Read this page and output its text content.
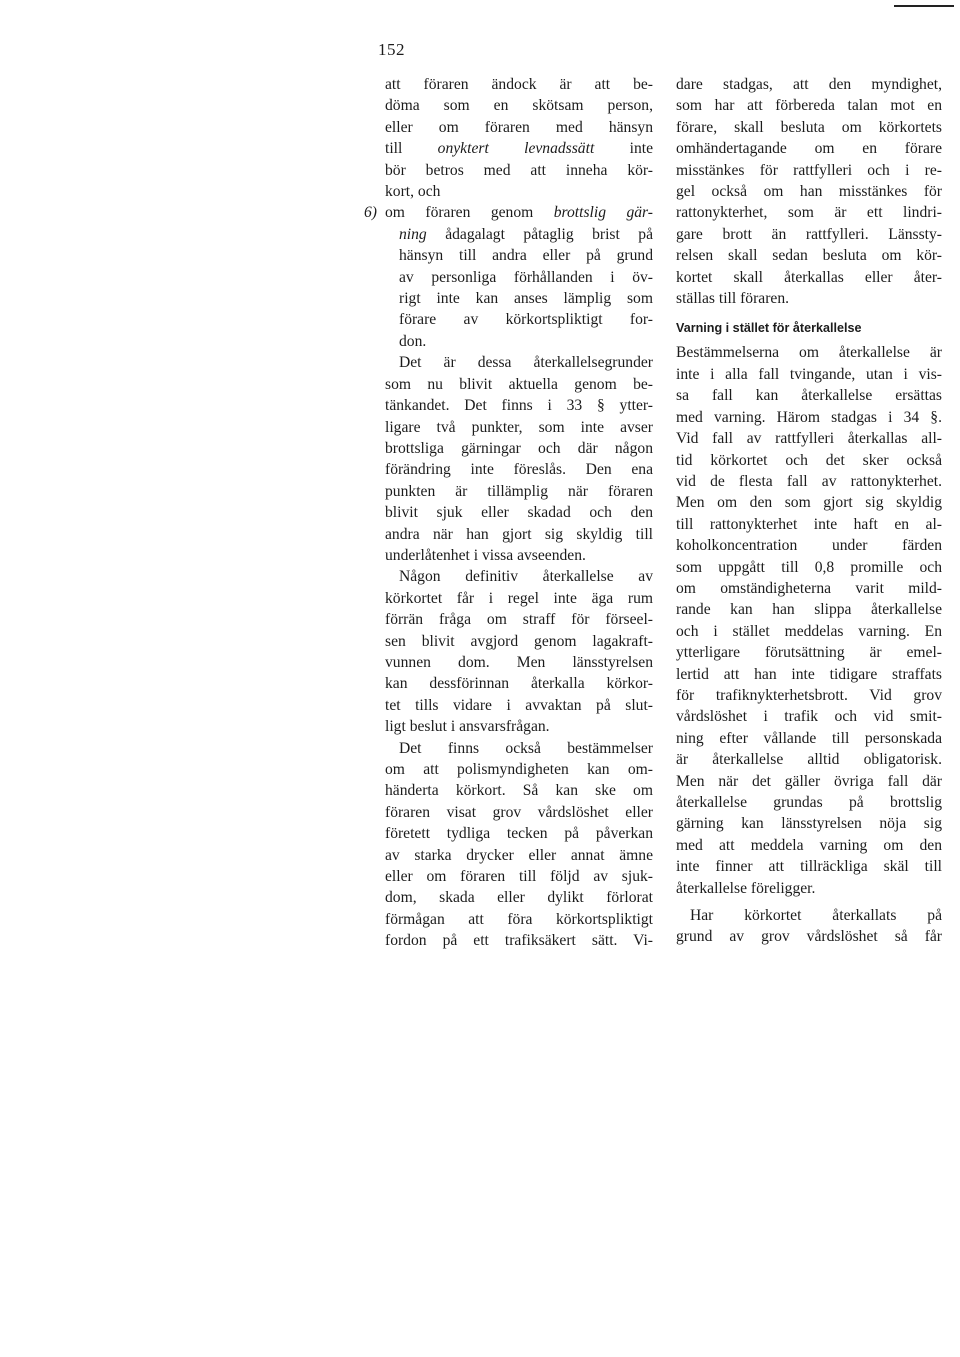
152
att föraren ändock är att be-
döma som en skötsam person,
eller om föraren med hänsyn
till onyktert levnadssätt inte
bör betros med att inneha kör-
kort, och
6) om föraren genom brottslig gär-
ning ådagalagt påtaglig brist på
hänsyn till andra eller på grund
av personliga förhållanden i öv-
rigt inte kan anses lämplig som
förare av körkortspliktigt for-
don.
Det är dessa återkallelsegrunder
som nu blivit aktuella genom be-
tänkandet. Det finns i 33 § ytter-
ligare två punkter, som inte avser
brottsliga gärningar och där någon
förändring inte föreslås. Den ena
punkten är tillämplig när föraren
blivit sjuk eller skadad och den
andra när han gjort sig skyldig till
underlåtenhet i vissa avseenden.
Någon definitiv återkallelse av
körkortet får i regel inte äga rum
förrän fråga om straff för förseel-
sen blivit avgjord genom lagakraft-
vunnen dom. Men länsstyrelsen
kan dessförinnan återkalla körkor-
tet tills vidare i avvaktan på slut-
ligt beslut i ansvarsfrågan.
Det finns också bestämmelser
om att polismyndigheten kan om-
händerta körkort. Så kan ske om
föraren visat grov vårdslöshet eller
företett tydliga tecken på påverkan
av starka drycker eller annat ämne
eller om föraren till följd av sjuk-
dom, skada eller dylikt förlorat
förmågan att föra körkortspliktigt
fordon på ett trafiksäkert sätt. Vi-
dare stadgas, att den myndighet,
som har att förbereda talan mot en
förare, skall besluta om körkortets
omhändertagande om en förare
misstänkes för rattfylleri och i re-
gel också om han misstänkes för
rattonykterhet, som är ett lindri-
gare brott än rattfylleri. Länssty-
relsen skall sedan besluta om kör-
kortet skall återkallas eller åter-
ställas till föraren.
Varning i stället för återkallelse
Bestämmelserna om återkallelse är
inte i alla fall tvingande, utan i vis-
sa fall kan återkallelse ersättas
med varning. Härom stadgas i 34 §.
Vid fall av rattfylleri återkallas all-
tid körkortet och det sker också
vid de flesta fall av rattonykterhet.
Men om den som gjort sig skyldig
till rattonykterhet inte haft en al-
koholkoncentration under färden
som uppgått till 0,8 promille och
om omständigheterna varit mild-
rande kan han slippa återkallelse
och i stället meddelas varning. En
ytterligare förutsättning är emel-
lertid att han inte tidigare straffats
för trafiknykterhetsbrott. Vid grov
vårdslöshet i trafik och vid smit-
ning efter vållande till personskada
är återkallelse alltid obligatorisk.
Men när det gäller övriga fall där
återkallelse grundas på brottslig
gärning kan länsstyrelsen nöja sig
med att meddela varning om den
inte finner att tillräckliga skäl till
återkallelse föreligger.
Har körkortet återkallats på
grund av grov vårdslöshet så får
